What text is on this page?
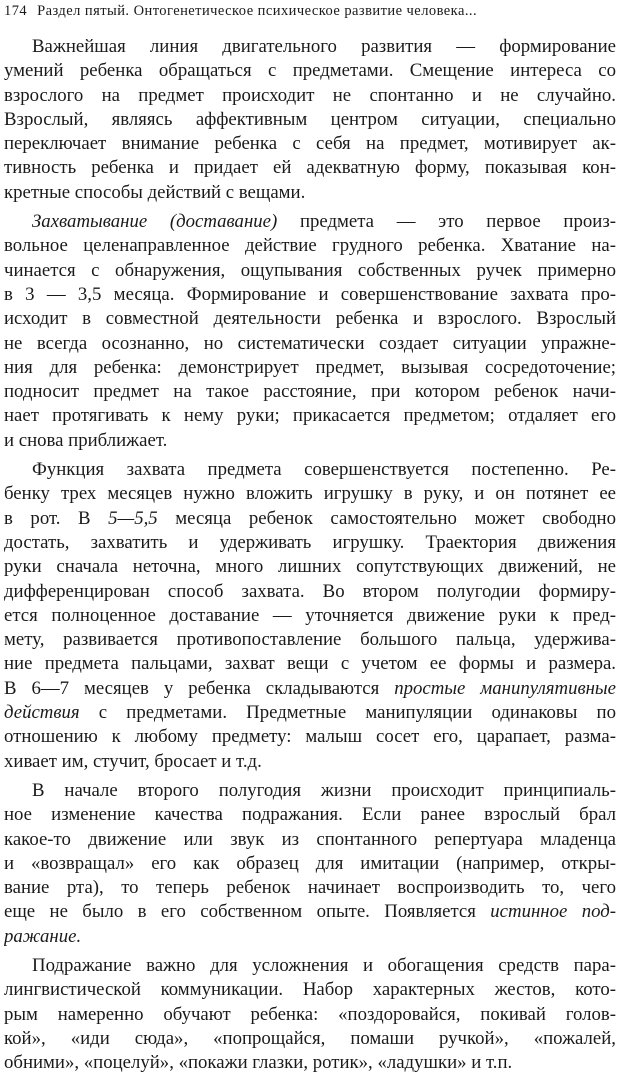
174 Раздел пятый. Онтогенетическое психическое развитие человека...
Важнейшая линия двигательного развития — формирование
умений ребенка обращаться с предметами. Смещение интереса со
взрослого на предмет происходит не спонтанно и не случайно.
Взрослый, являясь аффективным центром ситуации, специально
переключает внимание ребенка с себя на предмет, мотивирует ак-
тивность ребенка и придает ей адекватную форму, показывая кон-
кретные способы действий с вещами.
Захватывание (доставание) предмета — это первое произ-
вольное целенаправленное действие грудного ребенка. Хватание на-
чинается с обнаружения, ощупывания собственных ручек примерно
в 3 — 3,5 месяца. Формирование и совершенствование захвата про-
исходит в совместной деятельности ребенка и взрослого. Взрослый
не всегда осознанно, но систематически создает ситуации упражне-
ния для ребенка: демонстрирует предмет, вызывая сосредоточение;
подносит предмет на такое расстояние, при котором ребенок начи-
нает протягивать к нему руки; прикасается предметом; отдаляет его
и снова приближает.
Функция захвата предмета совершенствуется постепенно. Ре-
бенку трех месяцев нужно вложить игрушку в руку, и он потянет ее
в рот. В 5—5,5 месяца ребенок самостоятельно может свободно
достать, захватить и удерживать игрушку. Траектория движения
руки сначала неточна, много лишних сопутствующих движений, не
дифференцирован способ захвата. Во втором полугодии формиру-
ется полноценное доставание — уточняется движение руки к пред-
мету, развивается противопоставление большого пальца, удержива-
ние предмета пальцами, захват вещи с учетом ее формы и размера.
В 6—7 месяцев у ребенка складываются простые манипулятивные
действия с предметами. Предметные манипуляции одинаковы по
отношению к любому предмету: малыш сосет его, царапает, разма-
хивает им, стучит, бросает и т.д.
В начале второго полугодия жизни происходит принципиаль-
ное изменение качества подражания. Если ранее взрослый брал
какое-то движение или звук из спонтанного репертуара младенца
и «возвращал» его как образец для имитации (например, откры-
вание рта), то теперь ребенок начинает воспроизводить то, чего
еще не было в его собственном опыте. Появляется истинное под-
ражание.
Подражание важно для усложнения и обогащения средств пара-
лингвистической коммуникации. Набор характерных жестов, кото-
рым намеренно обучают ребенка: «поздоровайся, покивай голов-
кой», «иди сюда», «попрощайся, помаши ручкой», «пожалей,
обними», «поцелуй», «покажи глазки, ротик», «ладушки» и т.п.
